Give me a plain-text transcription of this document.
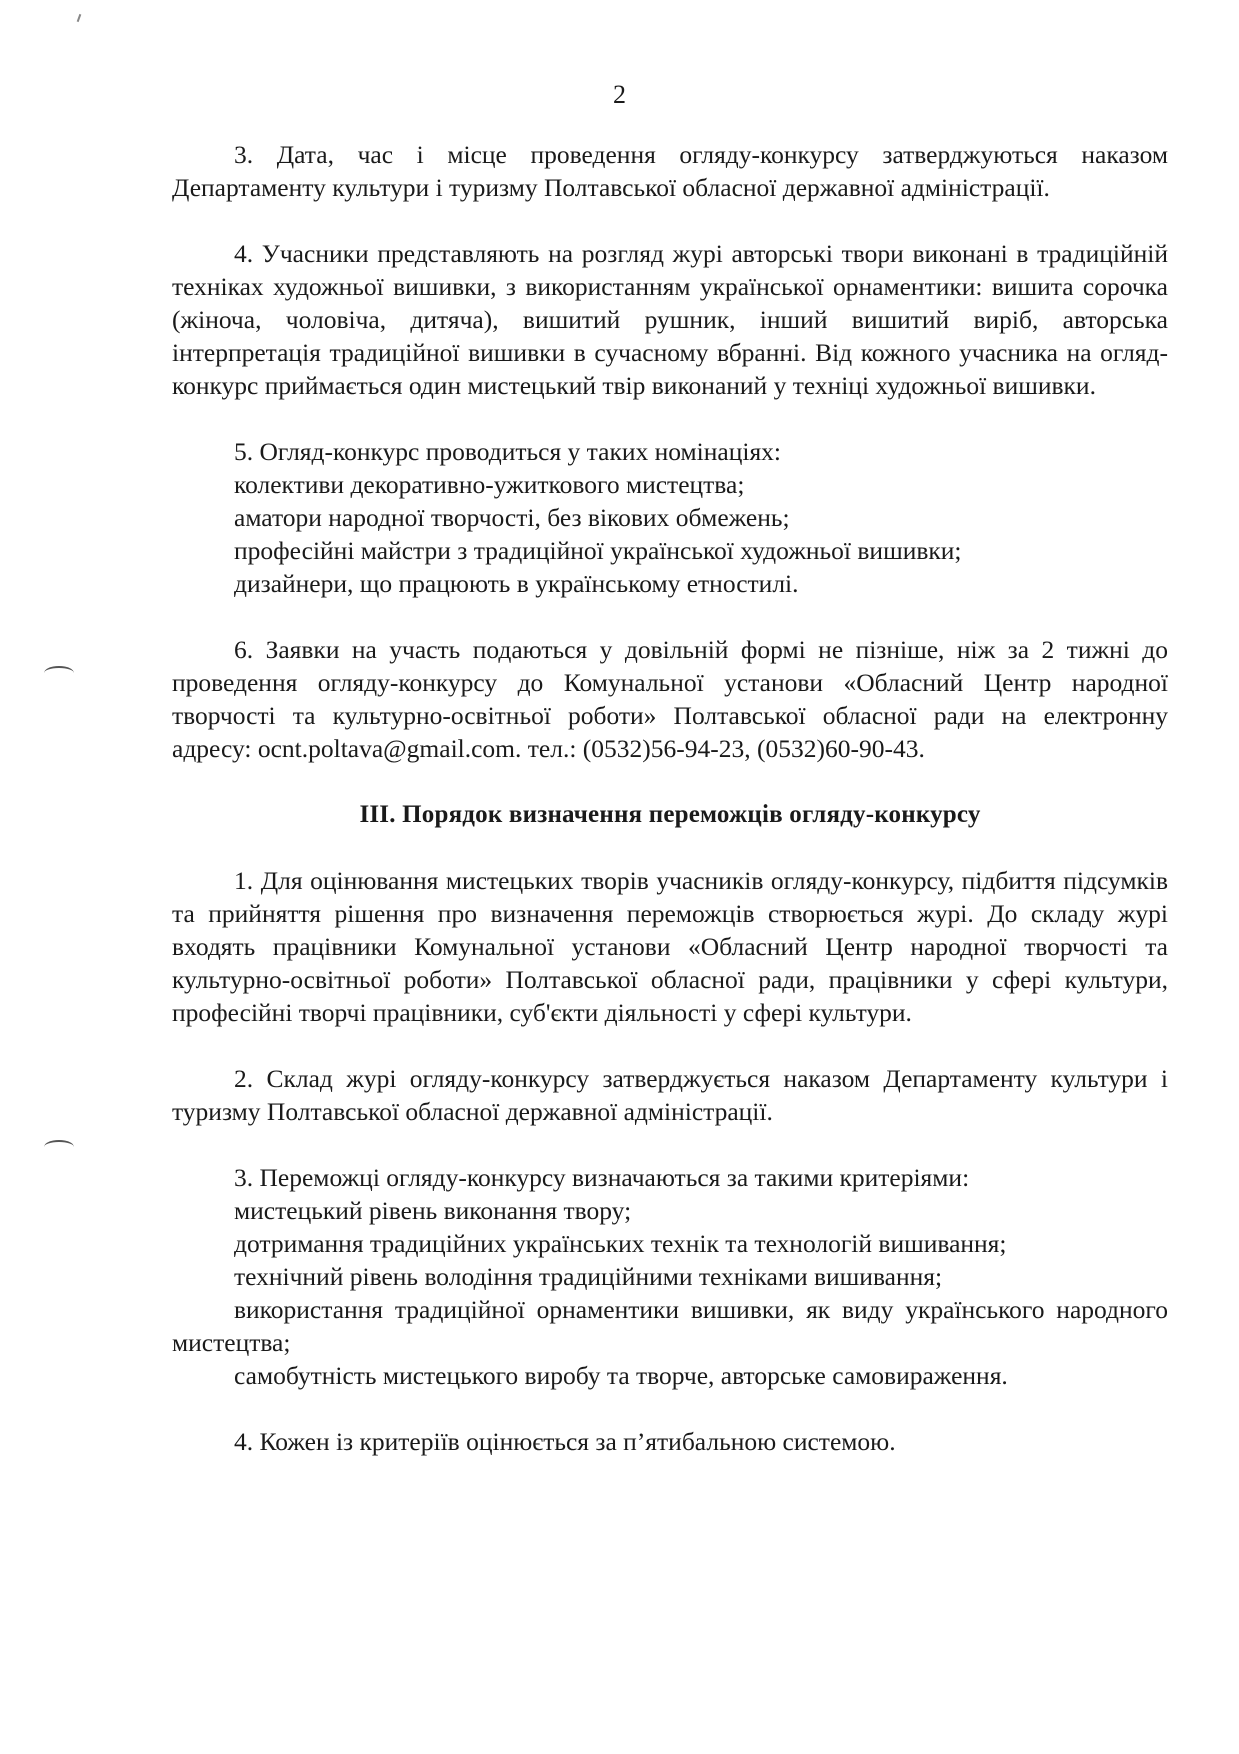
2

3. Дата, час і місце проведення огляду-конкурсу затверджуються наказом Департаменту культури і туризму Полтавської обласної державної адміністрації.

4. Учасники представляють на розгляд журі авторські твори виконані в традиційній техніках художньої вишивки, з використанням української орнаментики: вишита сорочка (жіноча, чоловіча, дитяча), вишитий рушник, інший вишитий виріб, авторська інтерпретація традиційної вишивки в сучасному вбранні. Від кожного учасника на огляд-конкурс приймається один мистецький твір виконаний у техніці художньої вишивки.

5. Огляд-конкурс проводиться у таких номінаціях:

колективи декоративно-ужиткового мистецтва;

аматори народної творчості, без вікових обмежень;

професійні майстри з традиційної української художньої вишивки;

дизайнери, що працюють в українському етностилі.

6. Заявки на участь подаються у довільній формі не пізніше, ніж за 2 тижні до проведення огляду-конкурсу до Комунальної установи «Обласний Центр народної творчості та культурно-освітньої роботи» Полтавської обласної ради на електронну адресу: ocnt.poltava@gmail.com. тел.: (0532)56-94-23, (0532)60-90-43.

ІІІ. Порядок визначення переможців огляду-конкурсу

1. Для оцінювання мистецьких творів учасників огляду-конкурсу, підбиття підсумків та прийняття рішення про визначення переможців створюється журі. До складу журі входять працівники Комунальної установи «Обласний Центр народної творчості та культурно-освітньої роботи» Полтавської обласної ради, працівники у сфері культури, професійні творчі працівники, суб'єкти діяльності у сфері культури.

2. Склад журі огляду-конкурсу затверджується наказом Департаменту культури і туризму Полтавської обласної державної адміністрації.

3. Переможці огляду-конкурсу визначаються за такими критеріями:

мистецький рівень виконання твору;

дотримання традиційних українських технік та технологій вишивання;

технічний рівень володіння традиційними техніками вишивання;

використання традиційної орнаментики вишивки, як виду українського народного мистецтва;

самобутність мистецького виробу та творче, авторське самовираження.

4. Кожен із критеріїв оцінюється за п’ятибальною системою.
